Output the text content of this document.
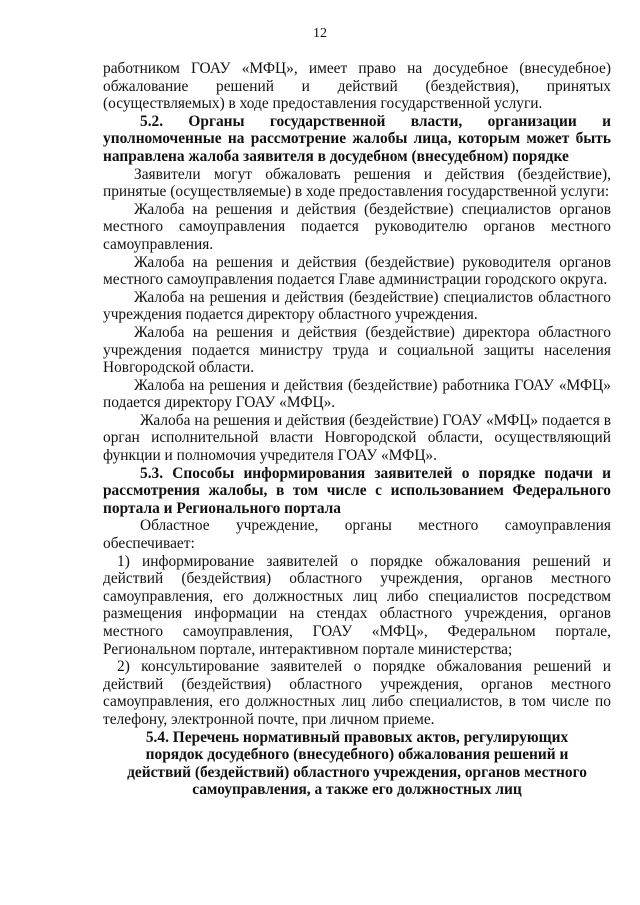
12

работником ГОАУ «МФЦ», имеет право на досудебное (внесудебное) обжалование решений и действий (бездействия), принятых (осуществляемых) в ходе предоставления государственной услуги.

5.2. Органы государственной власти, организации и уполномоченные на рассмотрение жалобы лица, которым может быть направлена жалоба заявителя в досудебном (внесудебном) порядке

Заявители могут обжаловать решения и действия (бездействие), принятые (осуществляемые) в ходе предоставления государственной услуги:

Жалоба на решения и действия (бездействие) специалистов органов местного самоуправления подается руководителю органов местного самоуправления.

Жалоба на решения и действия (бездействие) руководителя органов местного самоуправления подается Главе администрации городского округа.

Жалоба на решения и действия (бездействие) специалистов областного учреждения подается директору областного учреждения.

Жалоба на решения и действия (бездействие) директора областного учреждения подается министру труда и социальной защиты населения Новгородской области.

Жалоба на решения и действия (бездействие) работника ГОАУ «МФЦ» подается директору ГОАУ «МФЦ».

Жалоба на решения и действия (бездействие) ГОАУ «МФЦ» подается в орган исполнительной власти Новгородской области, осуществляющий функции и полномочия учредителя ГОАУ «МФЦ».

5.3. Способы информирования заявителей о порядке подачи и рассмотрения жалобы, в том числе с использованием Федерального портала и Регионального портала

Областное учреждение, органы местного самоуправления обеспечивает:

1) информирование заявителей о порядке обжалования решений и действий (бездействия) областного учреждения, органов местного самоуправления, его должностных лиц либо специалистов посредством размещения информации на стендах областного учреждения, органов местного самоуправления, ГОАУ «МФЦ», Федеральном портале, Региональном портале, интерактивном портале министерства;

2) консультирование заявителей о порядке обжалования решений и действий (бездействия) областного учреждения, органов местного самоуправления, его должностных лиц либо специалистов, в том числе по телефону, электронной почте, при личном приеме.

5.4. Перечень нормативный правовых актов, регулирующих порядок досудебного (внесудебного) обжалования решений и действий (бездействий) областного учреждения, органов местного самоуправления, а также его должностных лиц
